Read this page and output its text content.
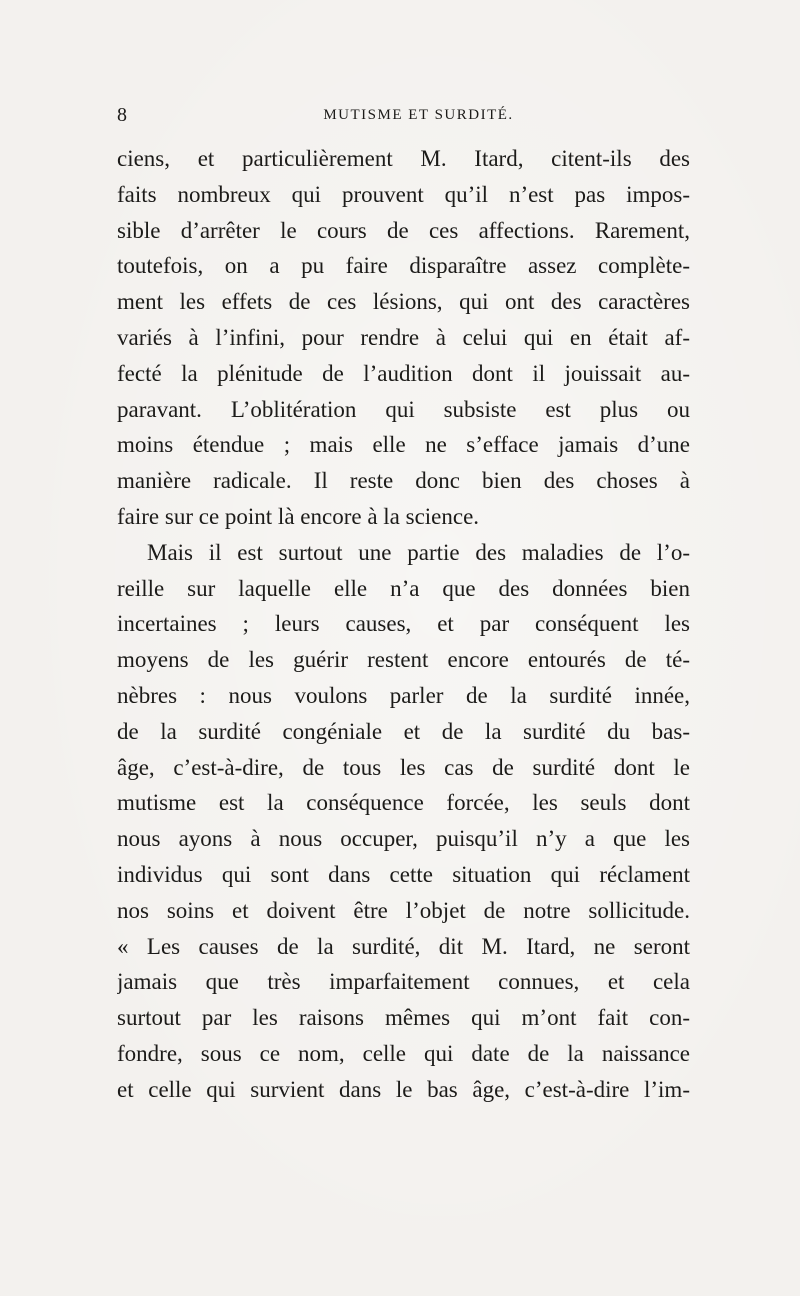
8	MUTISME ET SURDITÉ.
ciens, et particulièrement M. Itard, citent-ils des
faits nombreux qui prouvent qu’il n’est pas impos-
sible d’arrêter le cours de ces affections. Rarement,
toutefois, on a pu faire disparaître assez complète-
ment les effets de ces lésions, qui ont des caractères
variés à l’infini, pour rendre à celui qui en était af-
fecté la plénitude de l’audition dont il jouissait au-
paravant. L’oblitération qui subsiste est plus ou
moins étendue ; mais elle ne s’efface jamais d’une
manière radicale. Il reste donc bien des choses à
faire sur ce point là encore à la science.
Mais il est surtout une partie des maladies de l’o-
reille sur laquelle elle n’a que des données bien
incertaines ; leurs causes, et par conséquent les
moyens de les guérir restent encore entourés de té-
nèbres : nous voulons parler de la surdité innée,
de la surdité congéniale et de la surdité du bas-
âge, c’est-à-dire, de tous les cas de surdité dont le
mutisme est la conséquence forcée, les seuls dont
nous ayons à nous occuper, puisqu’il n’y a que les
individus qui sont dans cette situation qui réclament
nos soins et doivent être l’objet de notre sollicitude.
« Les causes de la surdité, dit M. Itard, ne seront
jamais que très imparfaitement connues, et cela
surtout par les raisons mêmes qui m’ont fait con-
fondre, sous ce nom, celle qui date de la naissance
et celle qui survient dans le bas âge, c’est-à-dire l’im-
